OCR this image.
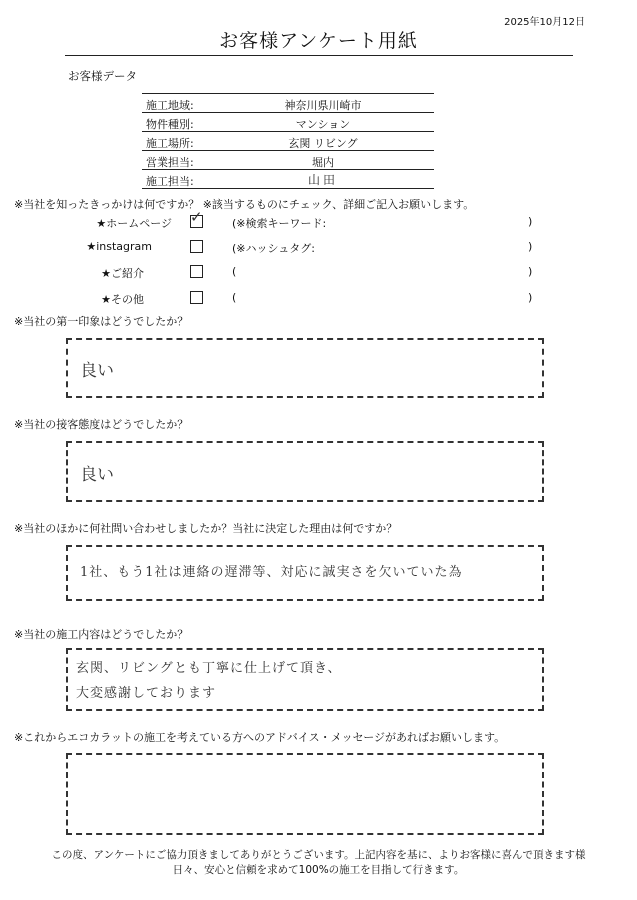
2025年10月12日
お客様アンケート用紙
お客様データ
施工地域:	神奈川県川崎市
物件種別:	マンション
施工場所:	玄関 リビング
営業担当:	堀内
施工担当:	山田
※当社を知ったきっかけは何ですか？ ※該当するものにチェック、詳細ご記入お願いします。
★ホームページ ✓	(※検索キーワード:	)
★instagram	(※ハッシュタグ:	)
★ご紹介	(	)
★その他	(	)
※当社の第一印象はどうでしたか？
良い
※当社の接客態度はどうでしたか？
良い
※当社のほかに何社問い合わせしましたか？当社に決定した理由は何ですか？
1社、もう1社は連絡の遅滞等、対応に誠実さを欠いていた為
※当社の施工内容はどうでしたか？
玄関、リビングとも丁寧に仕上げて頂き、
大変感謝しております
※これからエコカラットの施工を考えている方へのアドバイス・メッセージがあればお願いします。
この度、アンケートにご協力頂きましてありがとうございます。上記内容を基に、よりお客様に喜んで頂きます様
日々、安心と信頼を求めて100%の施工を目指して行きます。
